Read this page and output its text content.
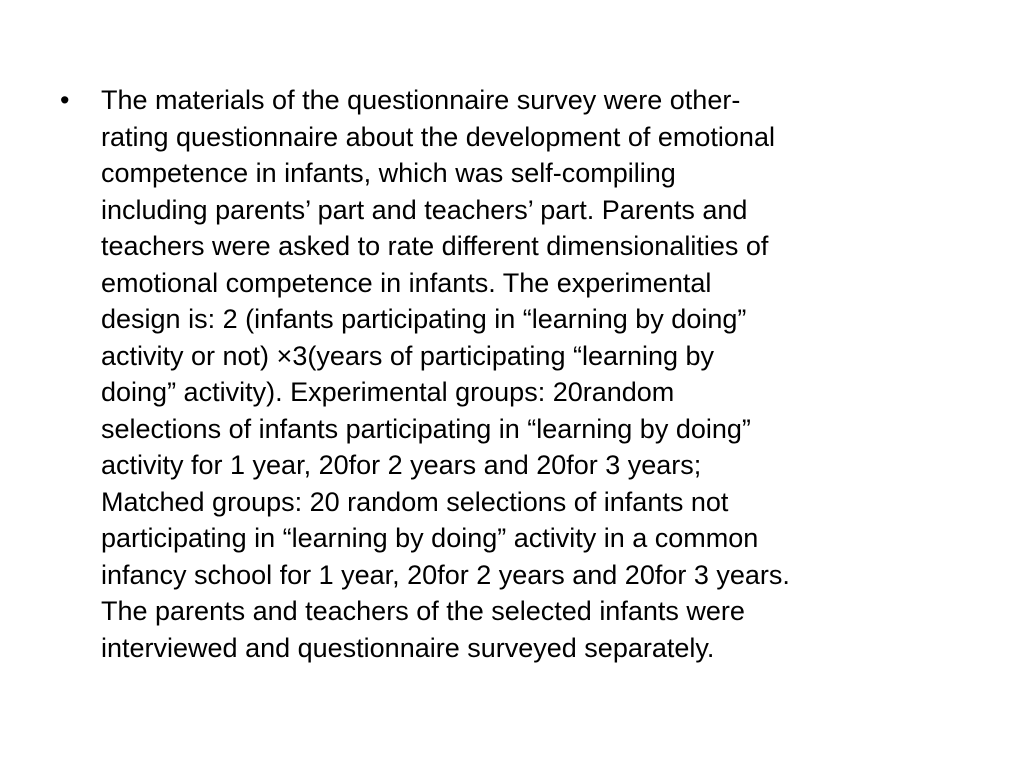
•	The materials of the questionnaire survey were other-
rating questionnaire about the development of emotional
competence in infants, which was self-compiling
including parents’ part and teachers’ part. Parents and
teachers were asked to rate different dimensionalities of
emotional competence in infants. The experimental
design is: 2 (infants participating in “learning by doing”
activity or not) ×3(years of participating “learning by
doing” activity). Experimental groups: 20random
selections of infants participating in “learning by doing”
activity for 1 year, 20for 2 years and 20for 3 years;
Matched groups: 20 random selections of infants not
participating in “learning by doing” activity in a common
infancy school for 1 year, 20for 2 years and 20for 3 years.
The parents and teachers of the selected infants were
interviewed and questionnaire surveyed separately.
